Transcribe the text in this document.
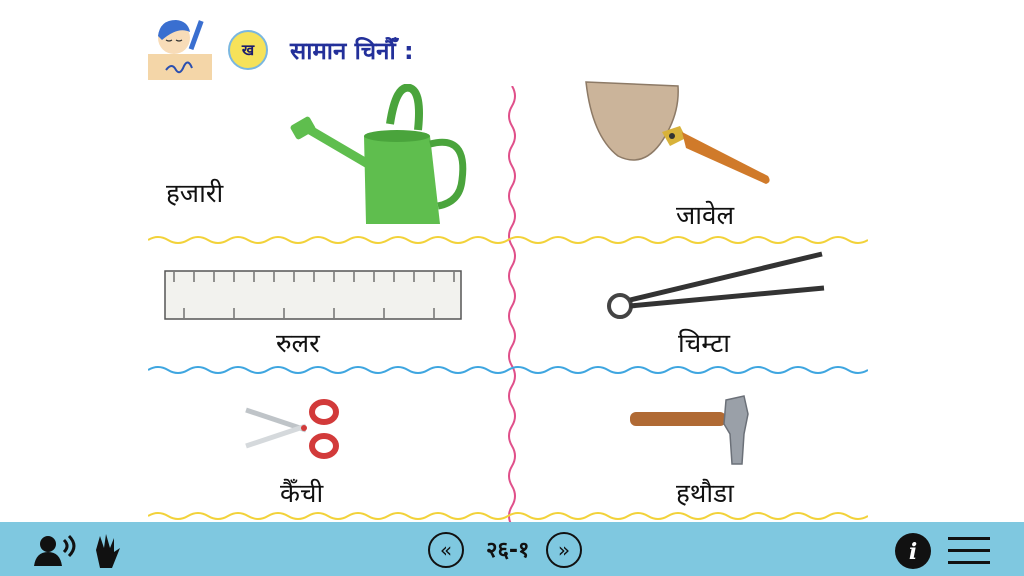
ख	सामान चिनौँ :
हजारी
जावेल
रुलर	चिम्टा
कैँची	हथौडा
«	२६-१	»	i
